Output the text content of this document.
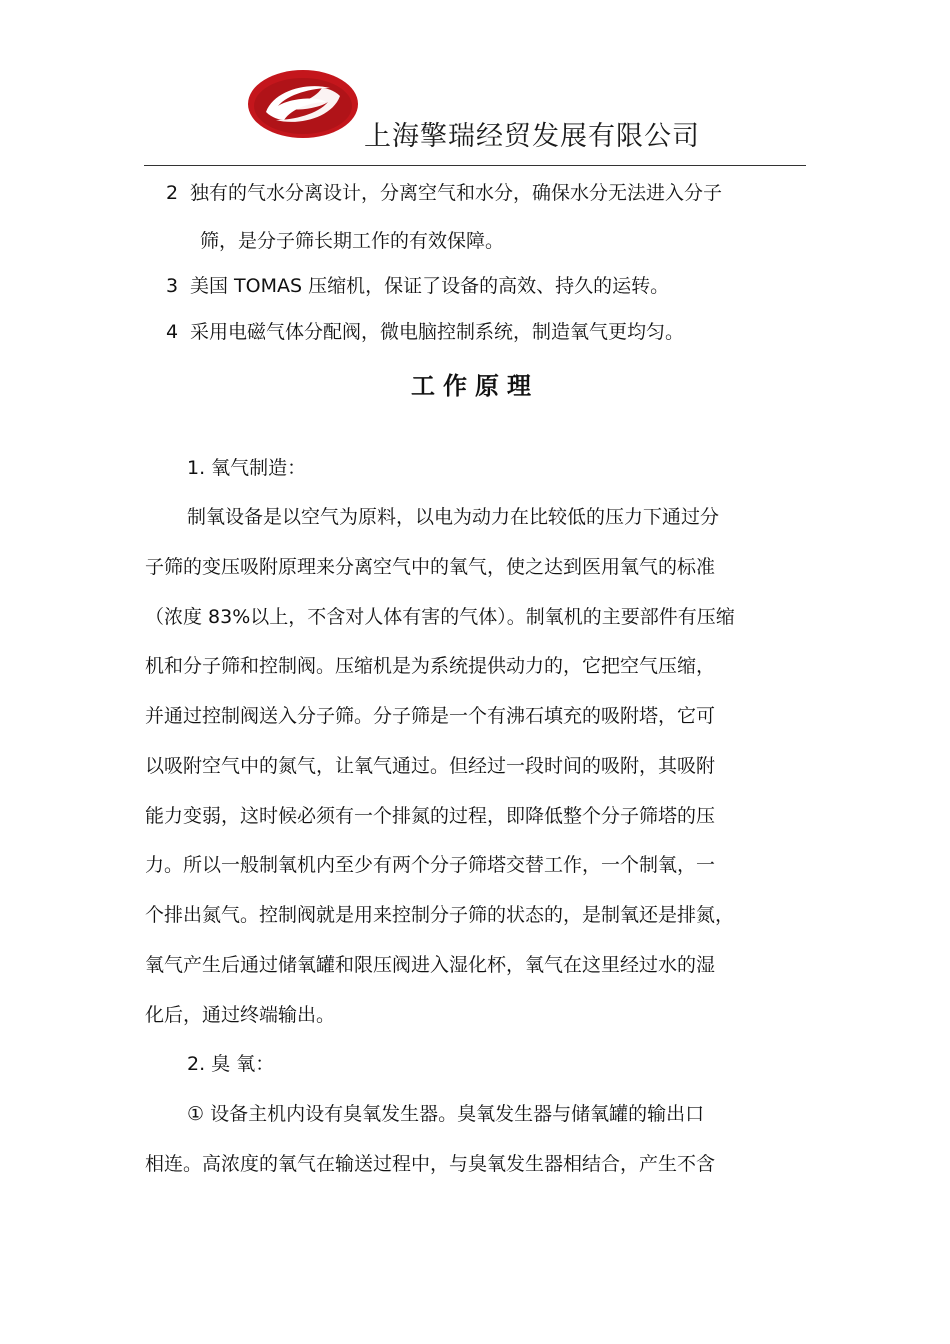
上海擎瑞经贸发展有限公司
2 独有的气水分离设计，分离空气和水分，确保水分无法进入分子
筛，是分子筛长期工作的有效保障。
3 美国 TOMAS 压缩机，保证了设备的高效、持久的运转。
4 采用电磁气体分配阀，微电脑控制系统，制造氧气更均匀。
工作原理
1. 氧气制造：
制氧设备是以空气为原料，以电为动力在比较低的压力下通过分
子筛的变压吸附原理来分离空气中的氧气，使之达到医用氧气的标准
（浓度 83%以上，不含对人体有害的气体）。制氧机的主要部件有压缩
机和分子筛和控制阀。压缩机是为系统提供动力的，它把空气压缩，
并通过控制阀送入分子筛。分子筛是一个有沸石填充的吸附塔，它可
以吸附空气中的氮气，让氧气通过。但经过一段时间的吸附，其吸附
能力变弱，这时候必须有一个排氮的过程，即降低整个分子筛塔的压
力。所以一般制氧机内至少有两个分子筛塔交替工作，一个制氧，一
个排出氮气。控制阀就是用来控制分子筛的状态的，是制氧还是排氮，
氧气产生后通过储氧罐和限压阀进入湿化杯，氧气在这里经过水的湿
化后，通过终端输出。
2. 臭 氧：
① 设备主机内设有臭氧发生器。臭氧发生器与储氧罐的输出口
相连。高浓度的氧气在输送过程中，与臭氧发生器相结合，产生不含
